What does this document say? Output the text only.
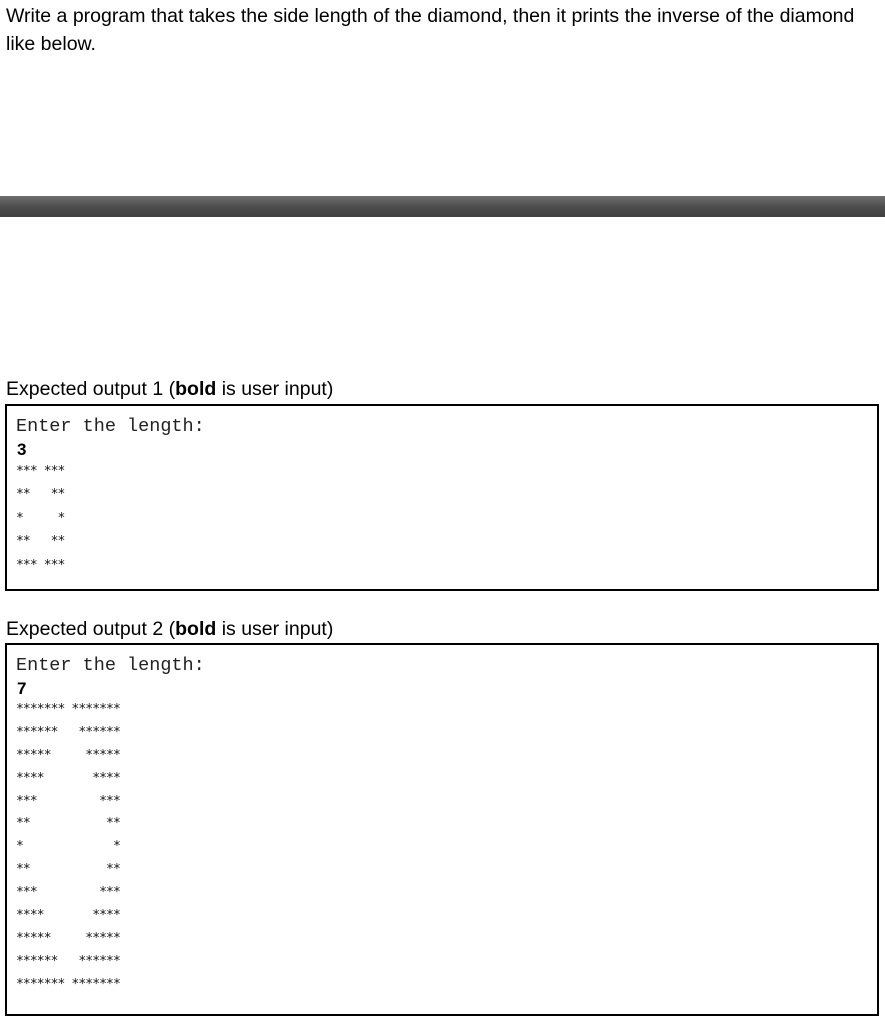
Write a program that takes the side length of the diamond, then it prints the inverse of the diamond like below.

Expected output 1 (bold is user input)

Enter the length:
3
*** ***
**   **
*     *
**   **
*** ***

Expected output 2 (bold is user input)

Enter the length:
7
******* *******
******   ******
*****     *****
****       ****
***         ***
**           **
*             *
**           **
***         ***
****       ****
*****     *****
******   ******
******* *******
